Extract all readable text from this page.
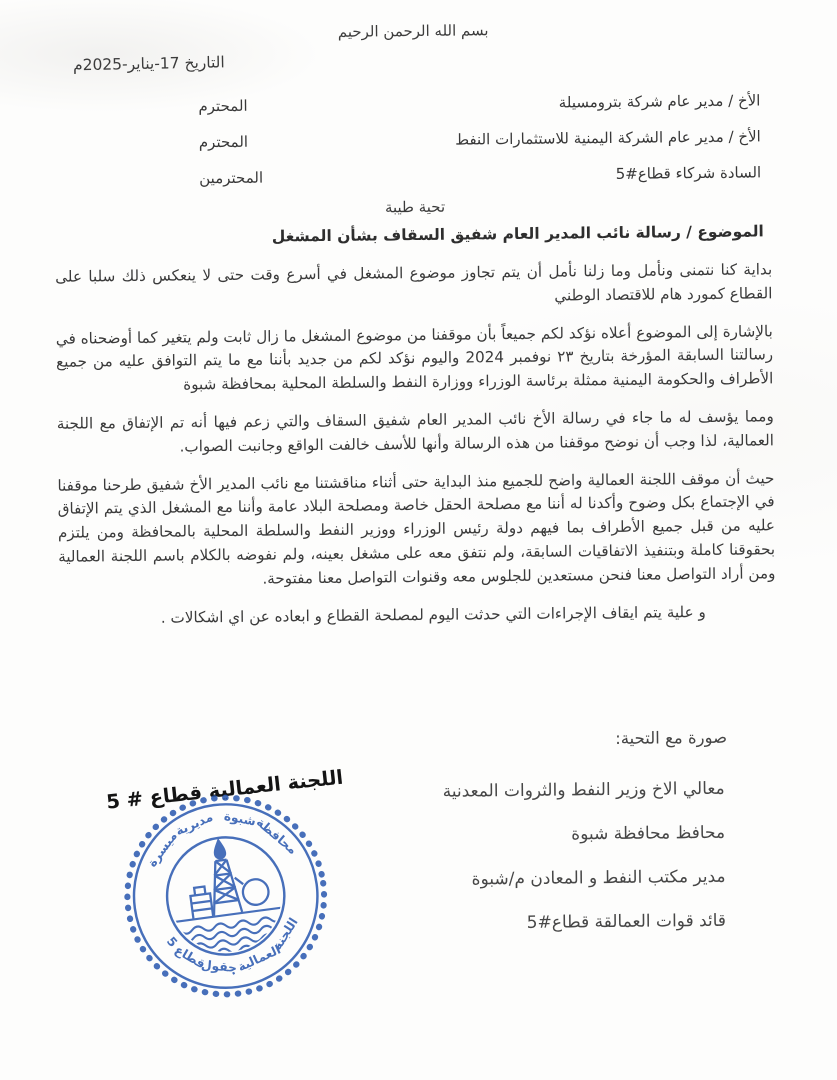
بسم الله الرحمن الرحيم
التاريخ 17-يناير-2025م
الأخ / مدير عام شركة بترومسيلة
المحترم
الأخ / مدير عام الشركة اليمنية للاستثمارات النفط
المحترم
السادة شركاء قطاع#5
المحترمين
تحية طيبة
الموضوع / رسالة نائب المدير العام شفيق السقاف بشأن المشغل

بداية كنا نتمنى ونأمل وما زلنا نأمل أن يتم تجاوز موضوع المشغل في أسرع وقت حتى لا ينعكس ذلك سلبا على القطاع كمورد هام للاقتصاد الوطني

بالإشارة إلى الموضوع أعلاه نؤكد لكم جميعاً بأن موقفنا من موضوع المشغل ما زال ثابت ولم يتغير كما أوضحناه في رسالتنا السابقة المؤرخة بتاريخ ٢٣ نوفمبر 2024 واليوم نؤكد لكم من جديد بأننا مع ما يتم التوافق عليه من جميع الأطراف والحكومة اليمنية ممثلة برئاسة الوزراء ووزارة النفط والسلطة المحلية بمحافظة شبوة

ومما يؤسف له ما جاء في رسالة الأخ نائب المدير العام شفيق السقاف والتي زعم فيها أنه تم الإتفاق مع اللجنة العمالية، لذا وجب أن نوضح موقفنا من هذه الرسالة وأنها للأسف خالفت الواقع وجانبت الصواب.

حيث أن موقف اللجنة العمالية واضح للجميع منذ البداية حتى أثناء مناقشتنا مع نائب المدير الأخ شفيق طرحنا موقفنا في الإجتماع بكل وضوح وأكدنا له أننا مع مصلحة الحقل خاصة ومصلحة البلاد عامة وأننا مع المشغل الذي يتم الإتفاق عليه من قبل جميع الأطراف بما فيهم دولة رئيس الوزراء ووزير النفط والسلطة المحلية بالمحافظة ومن يلتزم بحقوقنا كاملة وبتنفيذ الاتفاقيات السابقة، ولم نتفق معه على مشغل بعينه، ولم نفوضه بالكلام باسم اللجنة العمالية ومن أراد التواصل معنا فنحن مستعدين للجلوس معه وقنوات التواصل معنا مفتوحة.

و علية يتم ايقاف الإجراءات التي حدثت اليوم لمصلحة القطاع و ابعاده عن اي اشكالات .

صورة مع التحية:
معالي الاخ وزير النفط والثروات المعدنية
محافظ محافظة شبوة
مدير مكتب النفط و المعادن م/شبوة
قائد قوات العمالقة قطاع#5
اللجنة العمالية قطاع # 5
محافظة
شبوة
مديرية
ميسرة
اللجنة
العمالية .
حقول
قطاع
5
